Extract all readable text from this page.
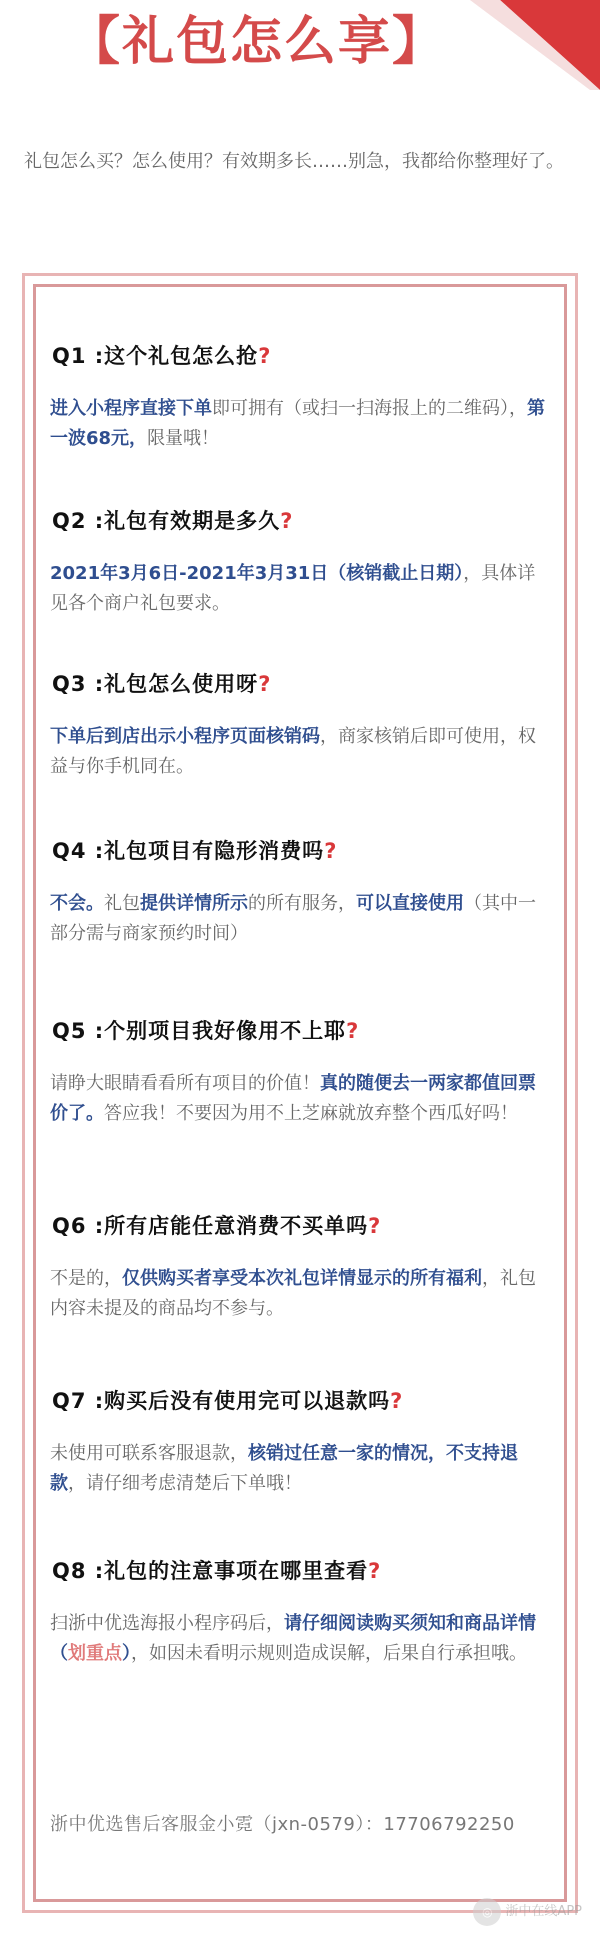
【礼包怎么享】
礼包怎么买？怎么使用？有效期多长……别急，我都给你整理好了。
Q1 :这个礼包怎么抢?
进入小程序直接下单即可拥有（或扫一扫海报上的二维码），第一波68元，限量哦！
Q2 :礼包有效期是多久?
2021年3月6日-2021年3月31日（核销截止日期），具体详见各个商户礼包要求。
Q3 :礼包怎么使用呀?
下单后到店出示小程序页面核销码，商家核销后即可使用，权益与你手机同在。
Q4 :礼包项目有隐形消费吗?
不会。礼包提供详情所示的所有服务，可以直接使用（其中一部分需与商家预约时间）
Q5 :个别项目我好像用不上耶?
请睁大眼睛看看所有项目的价值！真的随便去一两家都值回票价了。答应我！不要因为用不上芝麻就放弃整个西瓜好吗！
Q6 :所有店能任意消费不买单吗?
不是的，仅供购买者享受本次礼包详情显示的所有福利，礼包内容未提及的商品均不参与。
Q7 :购买后没有使用完可以退款吗?
未使用可联系客服退款，核销过任意一家的情况，不支持退款，请仔细考虑清楚后下单哦！
Q8 :礼包的注意事项在哪里查看?
扫浙中优选海报小程序码后，请仔细阅读购买须知和商品详情（划重点），如因未看明示规则造成误解，后果自行承担哦。
浙中优选售后客服金小霓（jxn-0579）：17706792250
◎ 浙中在线APP
